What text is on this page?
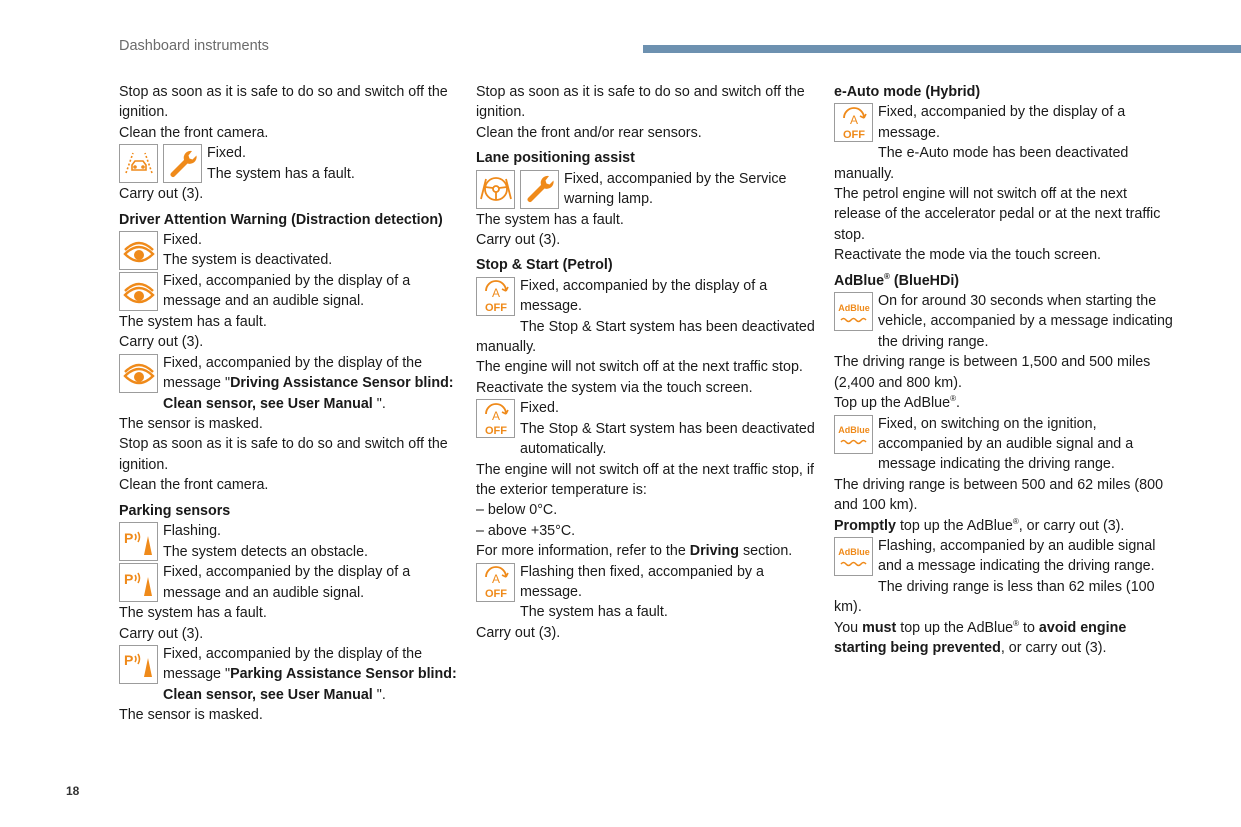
Dashboard instruments
18

Stop as soon as it is safe to do so and switch off the ignition.

Clean the front camera.

Fixed.

The system has a fault.

Carry out (3).

Driver Attention Warning (Distraction detection)

Fixed.

The system is deactivated.

Fixed, accompanied by the display of a message and an audible signal.

The system has a fault.

Carry out (3).

Fixed, accompanied by the display of the message "Driving Assistance Sensor blind: Clean sensor, see User Manual ".

The sensor is masked.

Stop as soon as it is safe to do so and switch off the ignition.

Clean the front camera.

Parking sensors

P	Flashing.

The system detects an obstacle.

P	Fixed, accompanied by the display of a message and an audible signal.

The system has a fault.

Carry out (3).

P	Fixed, accompanied by the display of the message "Parking Assistance Sensor blind: Clean sensor, see User Manual ".

The sensor is masked.

Stop as soon as it is safe to do so and switch off the ignition.

Clean the front and/or rear sensors.

Lane positioning assist

Fixed, accompanied by the Service warning lamp.

The system has a fault.

Carry out (3).

Stop & Start (Petrol)

A
OFF

Fixed, accompanied by the display of a message.

The Stop & Start system has been deactivated manually.

The engine will not switch off at the next traffic stop.

Reactivate the system via the touch screen.

A
OFF

Fixed.

The Stop & Start system has been deactivated automatically.

The engine will not switch off at the next traffic stop, if the exterior temperature is:

– below 0°C.

– above +35°C.

For more information, refer to the Driving section.

A
OFF

Flashing then fixed, accompanied by a message.

The system has a fault.

Carry out (3).

e-Auto mode (Hybrid)

A
OFF

Fixed, accompanied by the display of a message.

The e-Auto mode has been deactivated manually.

The petrol engine will not switch off at the next release of the accelerator pedal or at the next traffic stop.

Reactivate the mode via the touch screen.

AdBlue® (BlueHDi)

AdBlue On for around 30 seconds when starting the vehicle, accompanied by a message indicating the driving range.

The driving range is between 1,500 and 500 miles (2,400 and 800 km).

Top up the AdBlue®.

AdBlue Fixed, on switching on the ignition, accompanied by an audible signal and a message indicating the driving range.

The driving range is between 500 and 62 miles (800 and 100 km).

Promptly top up the AdBlue®, or carry out (3).

AdBlue Flashing, accompanied by an audible signal and a message indicating the driving range.

The driving range is less than 62 miles (100 km).

You must top up the AdBlue® to avoid engine starting being prevented, or carry out (3).
